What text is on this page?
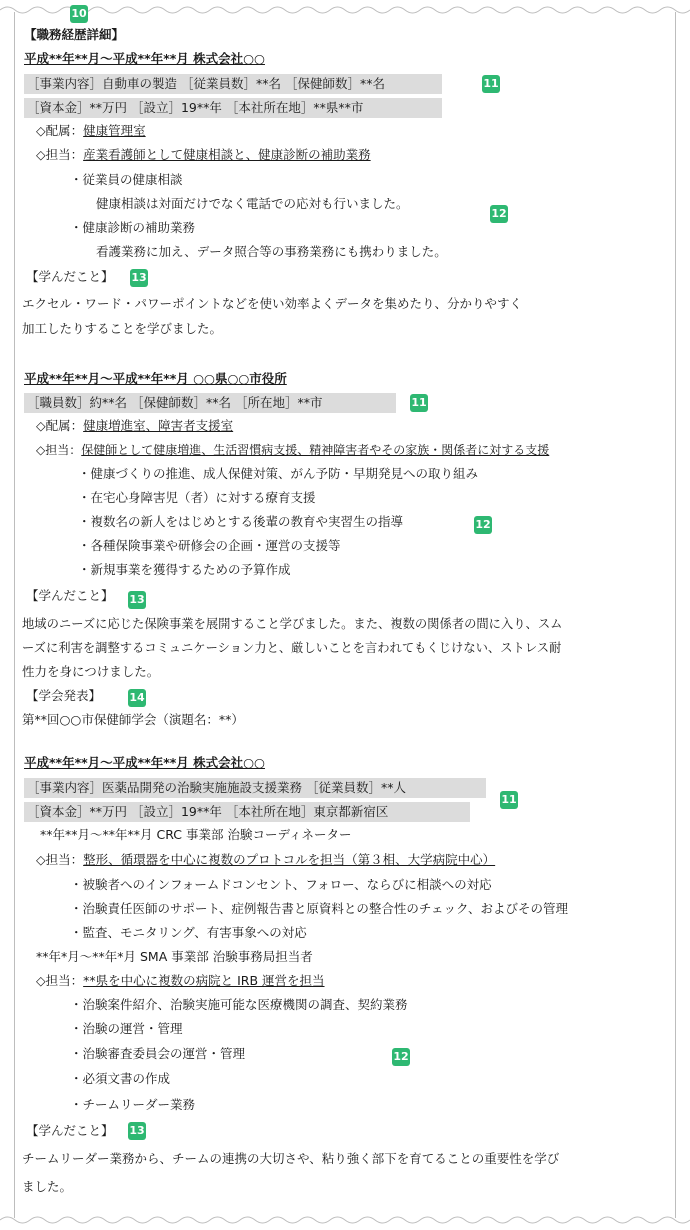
10
【職務経歴詳細】
平成**年**月～平成**年**月 株式会社○○
［事業内容］自動車の製造 ［従業員数］**名 ［保健師数］**名	11
［資本金］**万円 ［設立］19**年 ［本社所在地］**県**市
◇配属：健康管理室
◇担当：産業看護師として健康相談と、健康診断の補助業務
・従業員の健康相談
健康相談は対面だけでなく電話での応対も行いました。
12
・健康診断の補助業務
看護業務に加え、データ照合等の事務業務にも携わりました。
【学んだこと】 13
エクセル・ワード・パワーポイントなどを使い効率よくデータを集めたり、分かりやすく
加工したりすることを学びました。
平成**年**月～平成**年**月 ○○県○○市役所
［職員数］約**名 ［保健師数］**名 ［所在地］**市	11
◇配属：健康増進室、障害者支援室
◇担当：保健師として健康増進、生活習慣病支援、精神障害者やその家族・関係者に対する支援
・健康づくりの推進、成人保健対策、がん予防・早期発見への取り組み
・在宅心身障害児（者）に対する療育支援
・複数名の新人をはじめとする後輩の教育や実習生の指導	12
・各種保険事業や研修会の企画・運営の支援等
・新規事業を獲得するための予算作成
【学んだこと】 13
地域のニーズに応じた保険事業を展開すること学びました。また、複数の関係者の間に入り、スム
ーズに利害を調整するコミュニケーション力と、厳しいことを言われてもくじけない、ストレス耐
性力を身につけました。
【学会発表】	14
第**回○○市保健師学会（演題名：**）
平成**年**月～平成**年**月 株式会社○○
［事業内容］医薬品開発の治験実施施設支援業務 ［従業員数］**人
［資本金］**万円 ［設立］19**年 ［本社所在地］東京都新宿区
11
**年**月～**年**月 CRC 事業部 治験コーディネーター
◇担当：整形、循環器を中心に複数のプロトコルを担当（第３相、大学病院中心）
・被験者へのインフォームドコンセント、フォロー、ならびに相談への対応
・治験責任医師のサポート、症例報告書と原資料との整合性のチェック、およびその管理
・監査、モニタリング、有害事象への対応
**年*月～**年*月 SMA 事業部 治験事務局担当者
◇担当：**県を中心に複数の病院と IRB 運営を担当
・治験案件紹介、治験実施可能な医療機関の調査、契約業務
・治験の運営・管理
・治験審査委員会の運営・管理	12
・必須文書の作成
・チームリーダー業務
【学んだこと】 13
チームリーダー業務から、チームの連携の大切さや、粘り強く部下を育てることの重要性を学び
ました。
